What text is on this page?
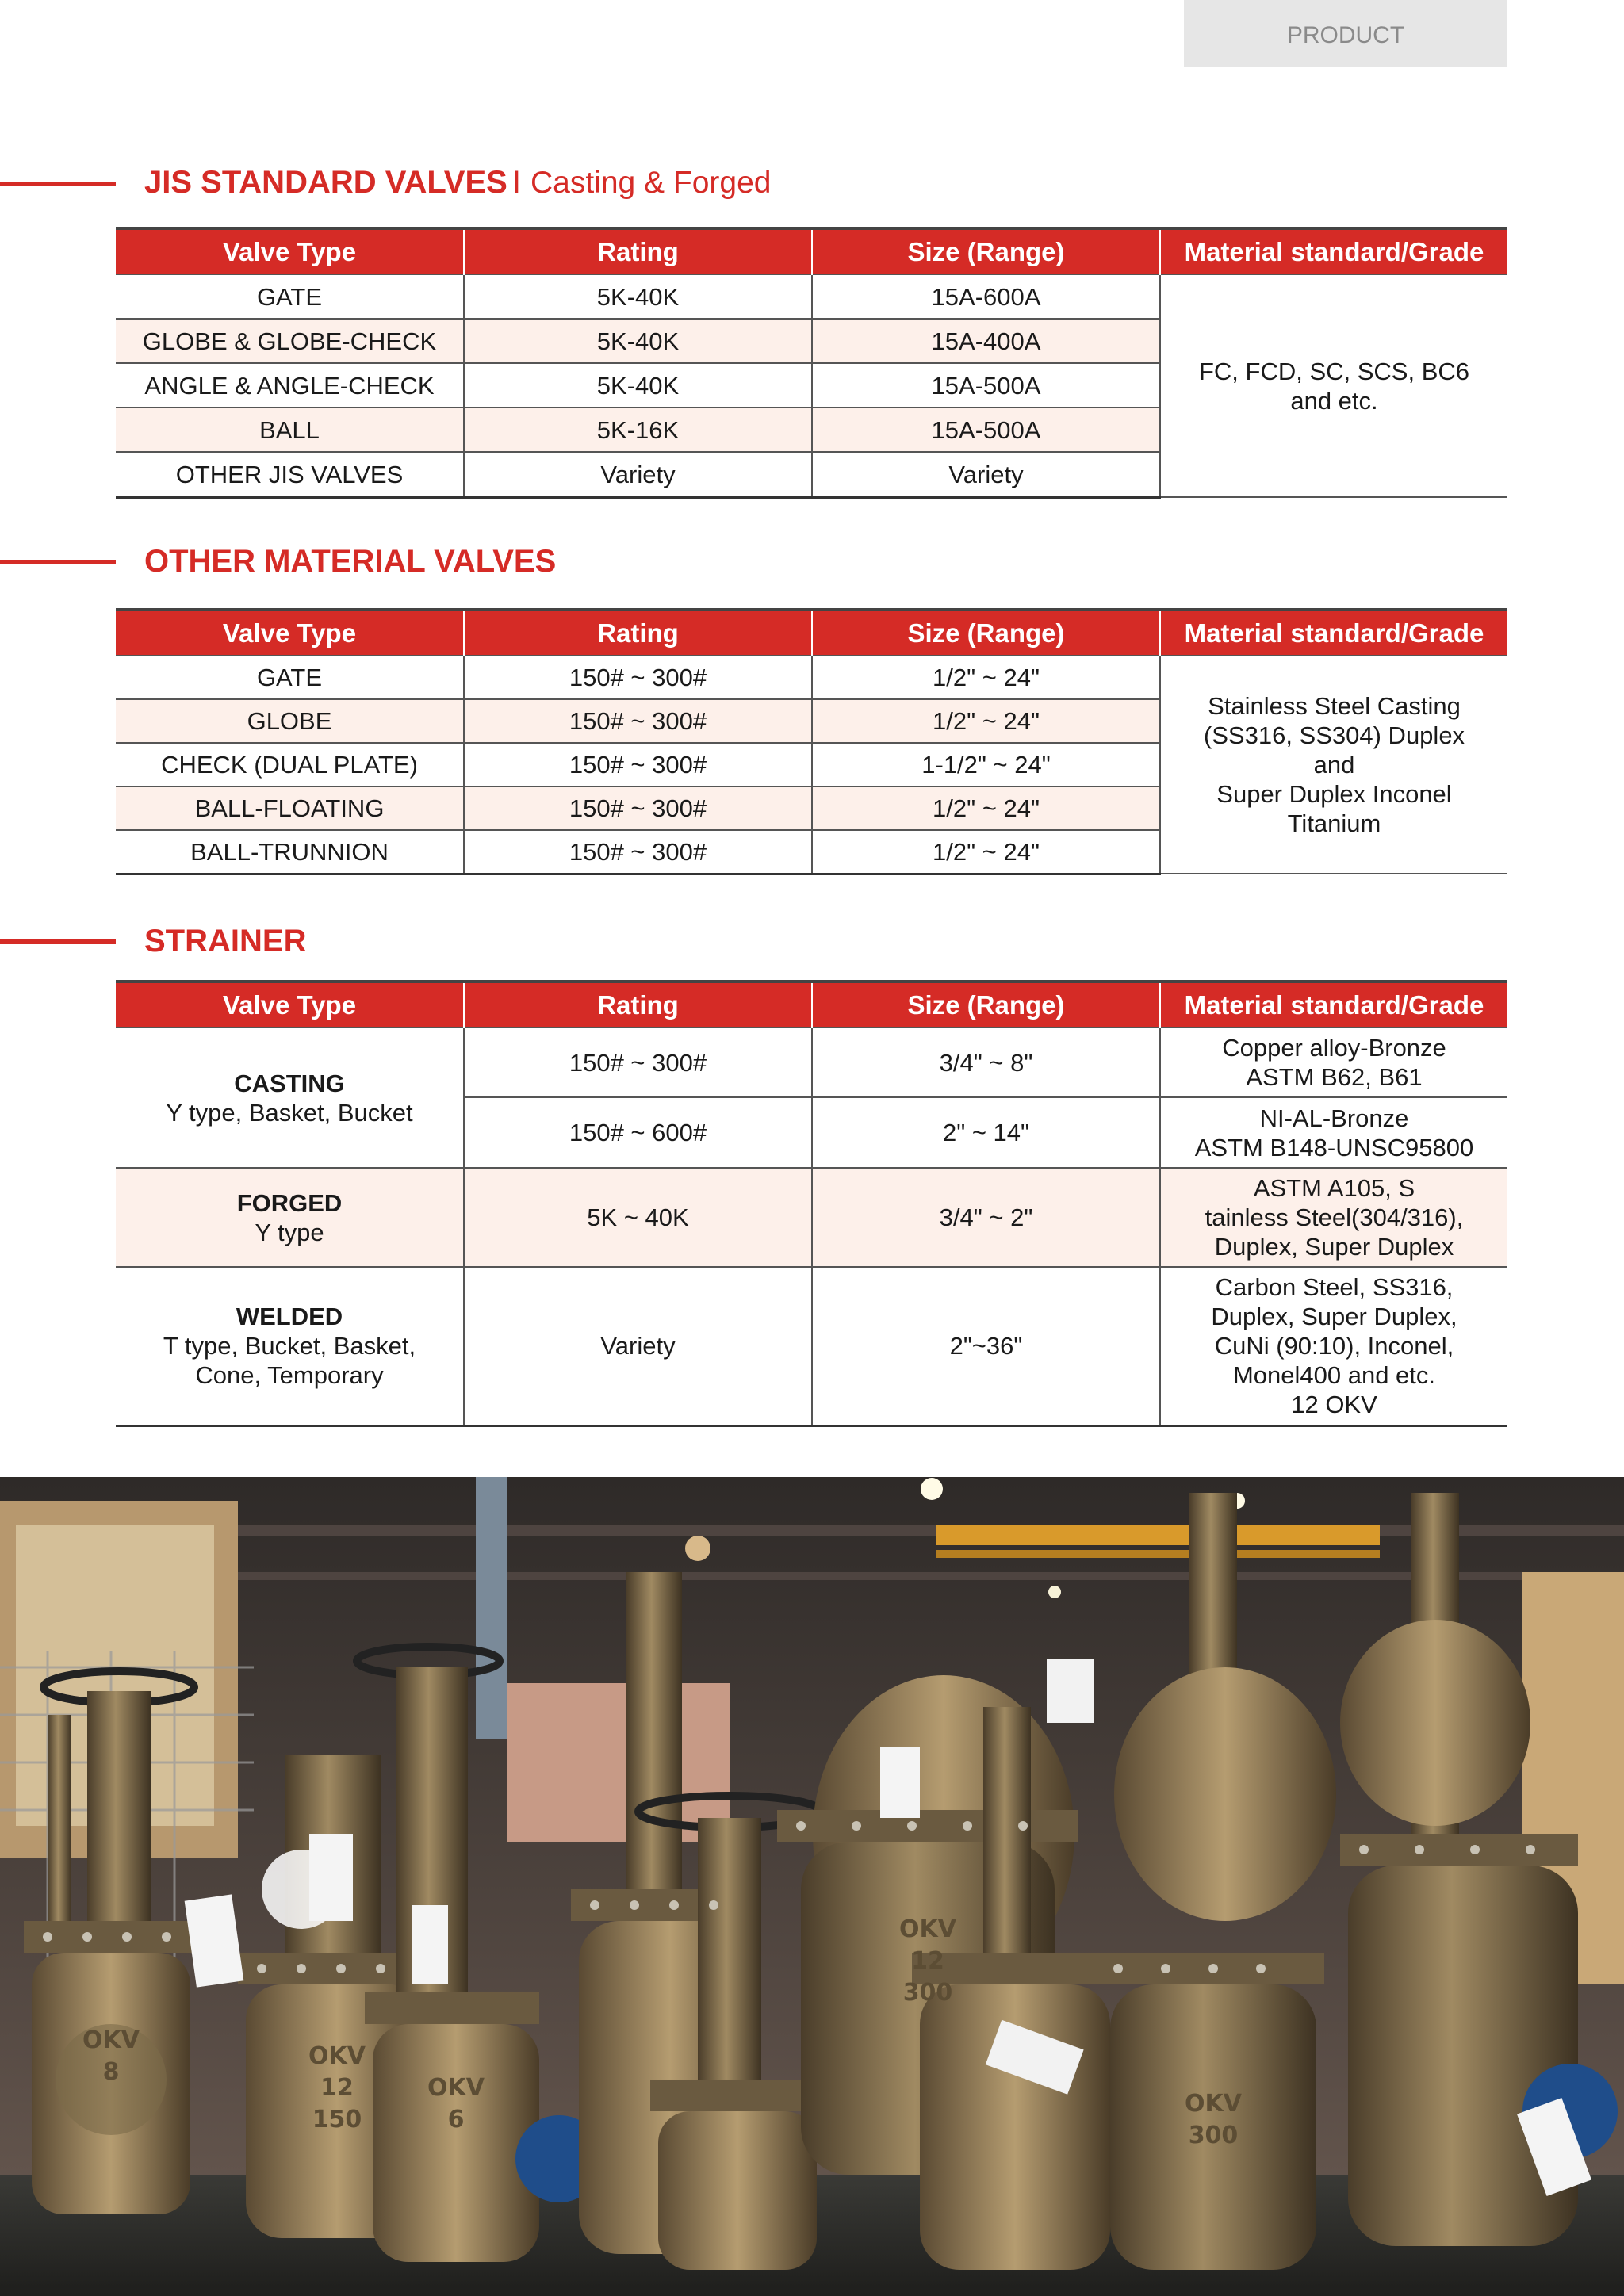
PRODUCT
JIS STANDARD VALVES I Casting & Forged
Valve Type	Rating	Size (Range)	Material standard/Grade
GATE	5K-40K	15A-600A	FC, FCD, SC, SCS, BC6
and etc.
GLOBE & GLOBE-CHECK	5K-40K	15A-400A	
ANGLE & ANGLE-CHECK	5K-40K	15A-500A	
BALL	5K-16K	15A-500A	
OTHER JIS VALVES	Variety	Variety	
OTHER MATERIAL VALVES
Valve Type	Rating	Size (Range)	Material standard/Grade
GATE	150# ~ 300#	1/2" ~ 24"	Stainless Steel Casting
(SS316, SS304) Duplex
and
Super Duplex Inconel
Titanium
GLOBE	150# ~ 300#	1/2" ~ 24"	
CHECK (DUAL PLATE)	150# ~ 300#	1-1/2" ~ 24"	
BALL-FLOATING	150# ~ 300#	1/2" ~ 24"	
BALL-TRUNNION	150# ~ 300#	1/2" ~ 24"	
STRAINER
Valve Type	Rating	Size (Range)	Material standard/Grade

CASTING
Y type, Basket, Bucket	150# ~ 300#	3/4" ~ 8"	Copper alloy-Bronze
ASTM B62, B61
	150# ~ 600#	2" ~ 14"	NI-AL-Bronze
ASTM B148-UNSC95800

FORGED
Y type	5K ~ 40K	3/4" ~ 2"	ASTM A105, S
tainless Steel(304/316),
Duplex, Super Duplex

WELDED
T type, Bucket, Basket,
Cone, Temporary	Variety	2"~36"	Carbon Steel, SS316,
Duplex, Super Duplex,
CuNi (90:10), Inconel,
Monel400 and etc.
12 OKV
OKV
8
OKV
12
150
OKV
6
OKV
12
300
OKV
300
